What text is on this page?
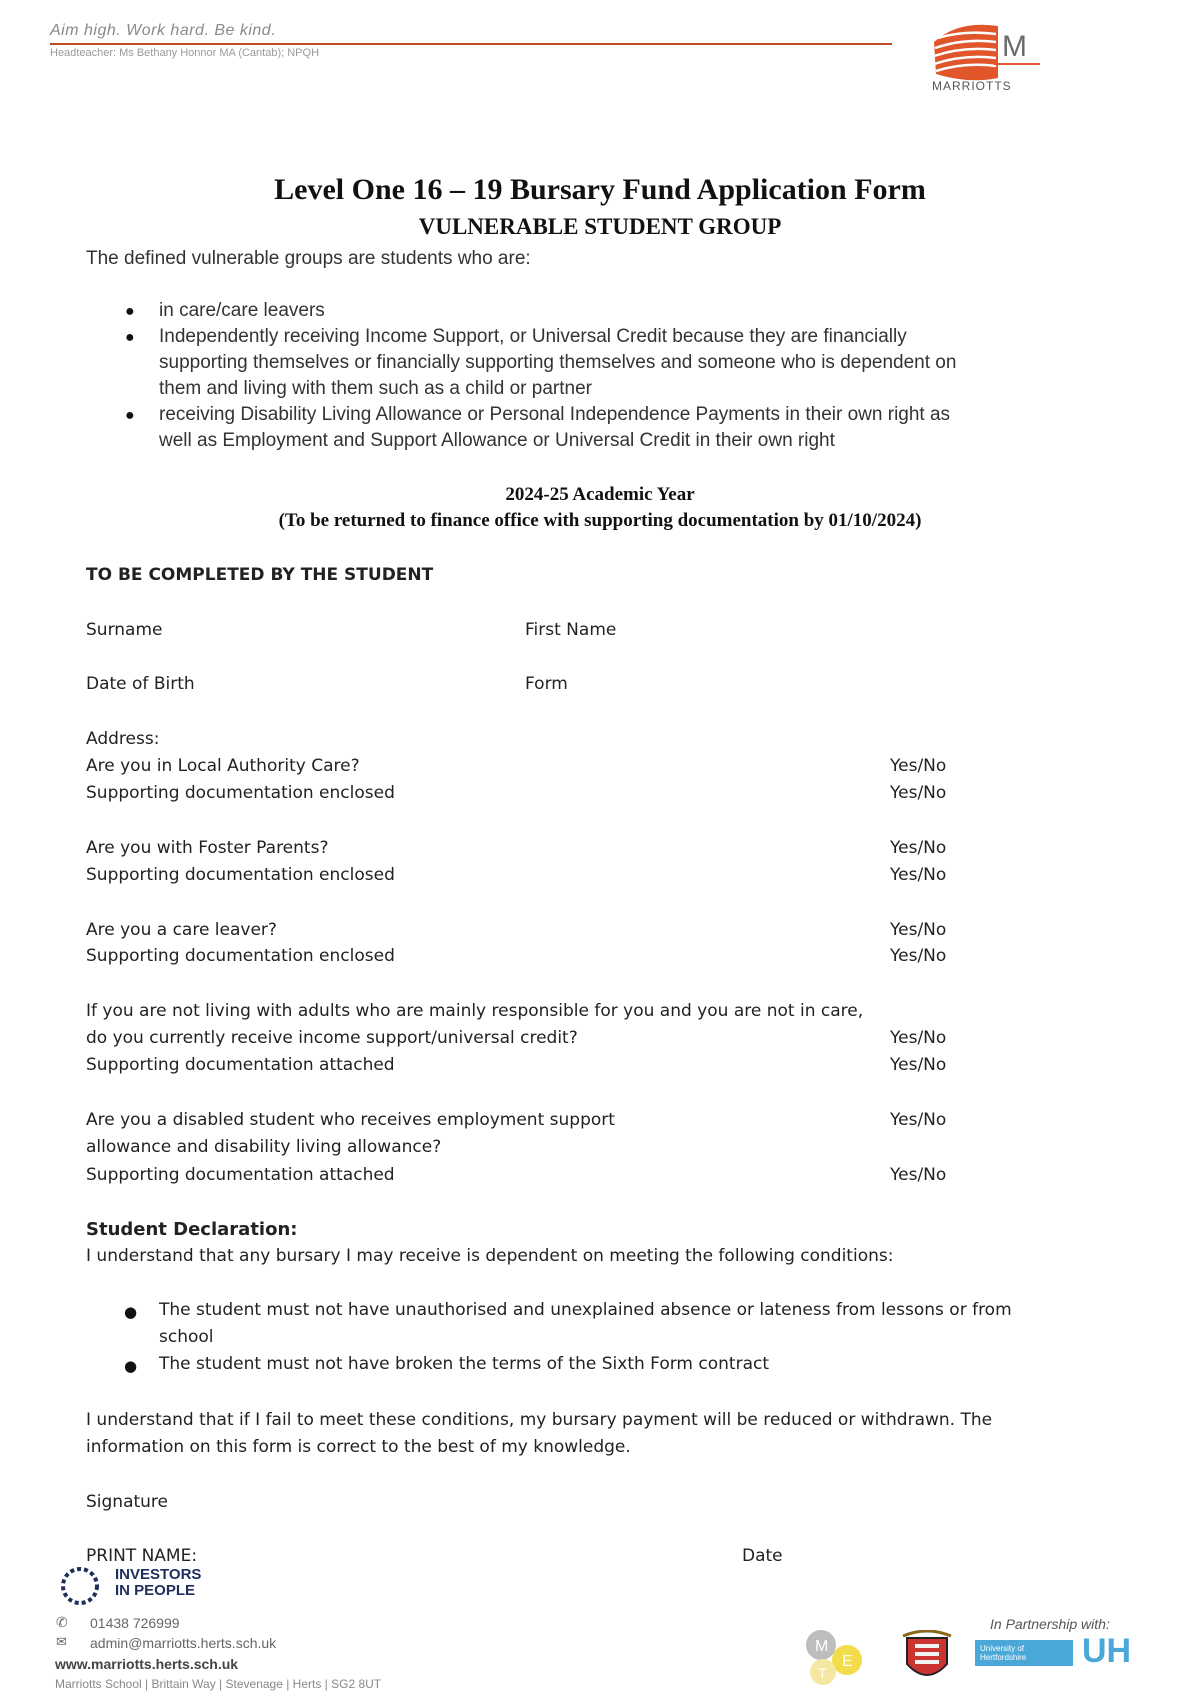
Aim high. Work hard. Be kind.
Headteacher: Ms Bethany Honnor MA (Cantab); NPQH	M
MARRIOTTS
Level One 16 – 19 Bursary Fund Application Form
VULNERABLE STUDENT GROUP
The defined vulnerable groups are students who are:
● in care/care leavers
● Independently receiving Income Support, or Universal Credit because they are financially
supporting themselves or financially supporting themselves and someone who is dependent on
them and living with them such as a child or partner
● receiving Disability Living Allowance or Personal Independence Payments in their own right as
well as Employment and Support Allowance or Universal Credit in their own right
2024-25 Academic Year
(To be returned to finance office with supporting documentation by 01/10/2024)
TO BE COMPLETED BY THE STUDENT
Surname	First Name
Date of Birth	Form
Address:
Are you in Local Authority Care?	Yes/No
Supporting documentation enclosed	Yes/No
Are you with Foster Parents?	Yes/No
Supporting documentation enclosed	Yes/No
Are you a care leaver?	Yes/No
Supporting documentation enclosed	Yes/No
If you are not living with adults who are mainly responsible for you and you are not in care,
do you currently receive income support/universal credit?	Yes/No
Supporting documentation attached	Yes/No
Are you a disabled student who receives employment support	Yes/No
allowance and disability living allowance?
Supporting documentation attached	Yes/No
Student Declaration:
I understand that any bursary I may receive is dependent on meeting the following conditions:
● The student must not have unauthorised and unexplained absence or lateness from lessons or from
school
● The student must not have broken the terms of the Sixth Form contract
I understand that if I fail to meet these conditions, my bursary payment will be reduced or withdrawn. The
information on this form is correct to the best of my knowledge.
Signature
PRINT NAME:	Date
INVESTORS
IN PEOPLE
✆ 01438 726999
✉ admin@marriotts.herts.sch.uk
www.marriotts.herts.sch.uk
Marriotts School | Brittain Way | Stevenage | Herts | SG2 8UT
In Partnership with:
M
T
E
University of Hertfordshire	UH
